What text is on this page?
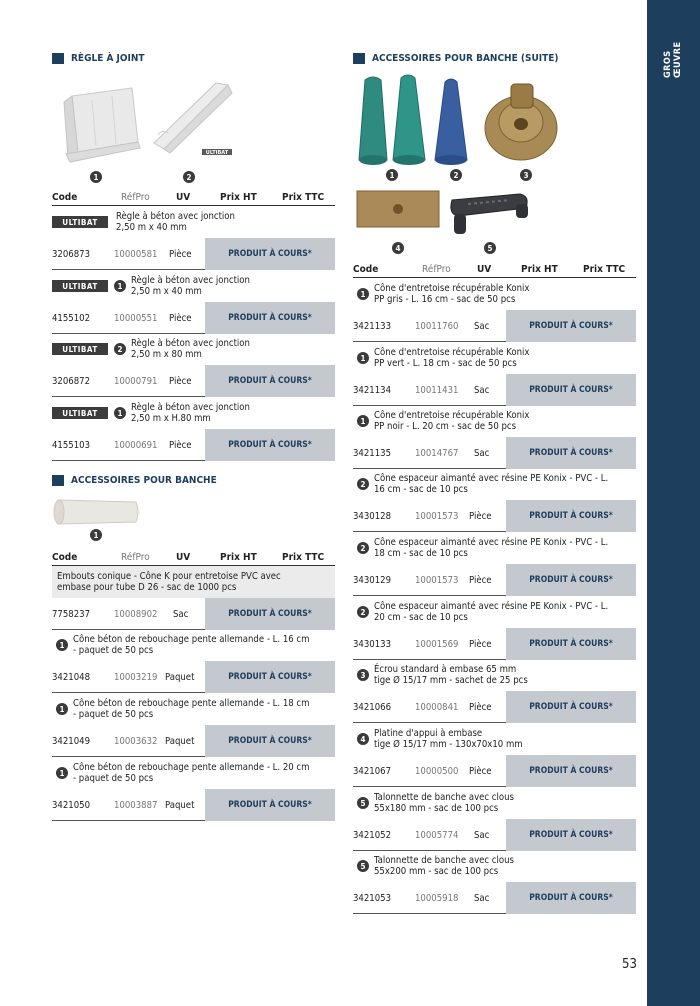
GROS ŒUVRE
53
RÈGLE À JOINT
ULTIBAT
1	2
Code	RéfPro	UV	Prix HT	Prix TTC
ULTIBAT	Règle à béton avec jonction
2,50 m x 40 mm
3206873	10000581 Pièce	PRODUIT À COURS*
ULTIBAT	1 Règle à béton avec jonction
2,50 m x 40 mm
4155102	10000551 Pièce	PRODUIT À COURS*
ULTIBAT	2 Règle à béton avec jonction
2,50 m x 80 mm
3206872	10000791 Pièce	PRODUIT À COURS*
ULTIBAT	1 Règle à béton avec jonction
2,50 m x H.80 mm
4155103	10000691 Pièce	PRODUIT À COURS*
ACCESSOIRES POUR BANCHE
1
Code	RéfPro	UV	Prix HT	Prix TTC
Embouts conique - Cône K pour entretoise PVC avec
embase pour tube D 26 - sac de 1000 pcs
7758237	10008902 Sac	PRODUIT À COURS*
1 Cône béton de rebouchage pente allemande - L. 16 cm
- paquet de 50 pcs
3421048	10003219 Paquet	PRODUIT À COURS*
1 Cône béton de rebouchage pente allemande - L. 18 cm
- paquet de 50 pcs
3421049	10003632 Paquet	PRODUIT À COURS*
1 Cône béton de rebouchage pente allemande - L. 20 cm
- paquet de 50 pcs
3421050	10003887 Paquet	PRODUIT À COURS*
ACCESSOIRES POUR BANCHE (SUITE)
1	2	3
4	5
Code	RéfPro	UV	Prix HT	Prix TTC
1 Cône d'entretoise récupérable Konix
PP gris - L. 16 cm - sac de 50 pcs
3421133	10011760 Sac	PRODUIT À COURS*
1 Cône d'entretoise récupérable Konix
PP vert - L. 18 cm - sac de 50 pcs
3421134	10011431 Sac	PRODUIT À COURS*
1 Cône d'entretoise récupérable Konix
PP noir - L. 20 cm - sac de 50 pcs
3421135	10014767 Sac	PRODUIT À COURS*
2 Cône espaceur aimanté avec résine PE Konix - PVC - L.
16 cm - sac de 10 pcs
3430128	10001573 Pièce	PRODUIT À COURS*
2 Cône espaceur aimanté avec résine PE Konix - PVC - L.
18 cm - sac de 10 pcs
3430129	10001573 Pièce	PRODUIT À COURS*
2 Cône espaceur aimanté avec résine PE Konix - PVC - L.
20 cm - sac de 10 pcs
3430133	10001569 Pièce	PRODUIT À COURS*
3 Écrou standard à embase 65 mm
tige Ø 15/17 mm - sachet de 25 pcs
3421066	10000841 Pièce	PRODUIT À COURS*
4 Platine d'appui à embase
tige Ø 15/17 mm - 130x70x10 mm
3421067	10000500 Pièce	PRODUIT À COURS*
5 Talonnette de banche avec clous
55x180 mm - sac de 100 pcs
3421052	10005774 Sac	PRODUIT À COURS*
5 Talonnette de banche avec clous
55x200 mm - sac de 100 pcs
3421053	10005918 Sac	PRODUIT À COURS*
